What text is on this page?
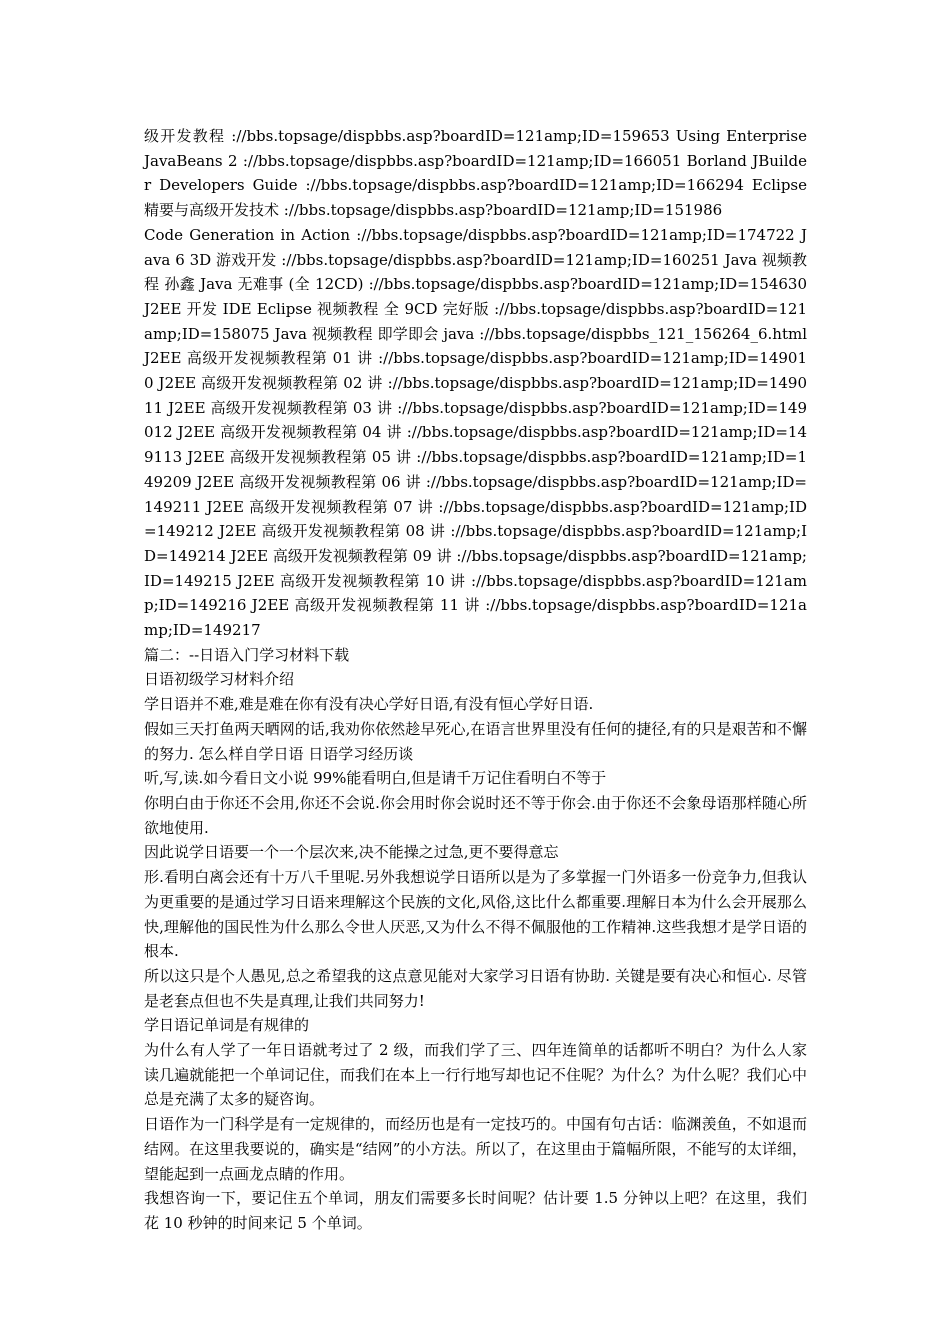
级开发教程 ://bbs.topsage/dispbbs.asp?boardID=121amp;ID=159653 Using Enterprise JavaBeans 2 ://bbs.topsage/dispbbs.asp?boardID=121amp;ID=166051 Borland JBuilder Developers Guide ://bbs.topsage/dispbbs.asp?boardID=121amp;ID=166294 Eclipse 精要与高级开发技术 ://bbs.topsage/dispbbs.asp?boardID=121amp;ID=151986

Code Generation in Action ://bbs.topsage/dispbbs.asp?boardID=121amp;ID=174722 Java 6 3D 游戏开发 ://bbs.topsage/dispbbs.asp?boardID=121amp;ID=160251 Java 视频教程 孙鑫 Java 无难事 (全 12CD) ://bbs.topsage/dispbbs.asp?boardID=121amp;ID=154630 J2EE 开发 IDE Eclipse 视频教程 全 9CD 完好版 ://bbs.topsage/dispbbs.asp?boardID=121amp;ID=158075 Java 视频教程 即学即会 java ://bbs.topsage/dispbbs_121_156264_6.html J2EE 高级开发视频教程第 01 讲 ://bbs.topsage/dispbbs.asp?boardID=121amp;ID=149010 J2EE 高级开发视频教程第 02 讲 ://bbs.topsage/dispbbs.asp?boardID=121amp;ID=149011 J2EE 高级开发视频教程第 03 讲 ://bbs.topsage/dispbbs.asp?boardID=121amp;ID=149012 J2EE 高级开发视频教程第 04 讲 ://bbs.topsage/dispbbs.asp?boardID=121amp;ID=149113 J2EE 高级开发视频教程第 05 讲 ://bbs.topsage/dispbbs.asp?boardID=121amp;ID=149209 J2EE 高级开发视频教程第 06 讲 ://bbs.topsage/dispbbs.asp?boardID=121amp;ID=149211 J2EE 高级开发视频教程第 07 讲 ://bbs.topsage/dispbbs.asp?boardID=121amp;ID=149212 J2EE 高级开发视频教程第 08 讲 ://bbs.topsage/dispbbs.asp?boardID=121amp;ID=149214 J2EE 高级开发视频教程第 09 讲 ://bbs.topsage/dispbbs.asp?boardID=121amp;ID=149215 J2EE 高级开发视频教程第 10 讲 ://bbs.topsage/dispbbs.asp?boardID=121amp;ID=149216 J2EE 高级开发视频教程第 11 讲 ://bbs.topsage/dispbbs.asp?boardID=121amp;ID=149217

篇二：--日语入门学习材料下载

日语初级学习材料介绍

学日语并不难,难是难在你有没有决心学好日语,有没有恒心学好日语.

假如三天打鱼两天晒网的话,我劝你依然趁早死心,在语言世界里没有任何的捷径,有的只是艰苦和不懈的努力. 怎么样自学日语 日语学习经历谈

听,写,读.如今看日文小说 99%能看明白,但是请千万记住看明白不等于

你明白由于你还不会用,你还不会说.你会用时你会说时还不等于你会.由于你还不会象母语那样随心所欲地使用.

因此说学日语要一个一个层次来,决不能操之过急,更不要得意忘

形.看明白离会还有十万八千里呢.另外我想说学日语所以是为了多掌握一门外语多一份竞争力,但我认为更重要的是通过学习日语来理解这个民族的文化,风俗,这比什么都重要.理解日本为什么会开展那么快,理解他的国民性为什么那么令世人厌恶,又为什么不得不佩服他的工作精神.这些我想才是学日语的根本.

所以这只是个人愚见,总之希望我的这点意见能对大家学习日语有协助. 关键是要有决心和恒心. 尽管是老套点但也不失是真理,让我们共同努力!

学日语记单词是有规律的

为什么有人学了一年日语就考过了 2 级，而我们学了三、四年连简单的话都听不明白？为什么人家读几遍就能把一个单词记住，而我们在本上一行行地写却也记不住呢？为什么？为什么呢？我们心中总是充满了太多的疑咨询。

日语作为一门科学是有一定规律的，而经历也是有一定技巧的。中国有句古话：临渊羡鱼，不如退而结网。在这里我要说的，确实是“结网”的小方法。所以了，在这里由于篇幅所限，不能写的太详细，望能起到一点画龙点睛的作用。

我想咨询一下，要记住五个单词，朋友们需要多长时间呢？估计要 1.5 分钟以上吧？在这里，我们花 10 秒钟的时间来记 5 个单词。
